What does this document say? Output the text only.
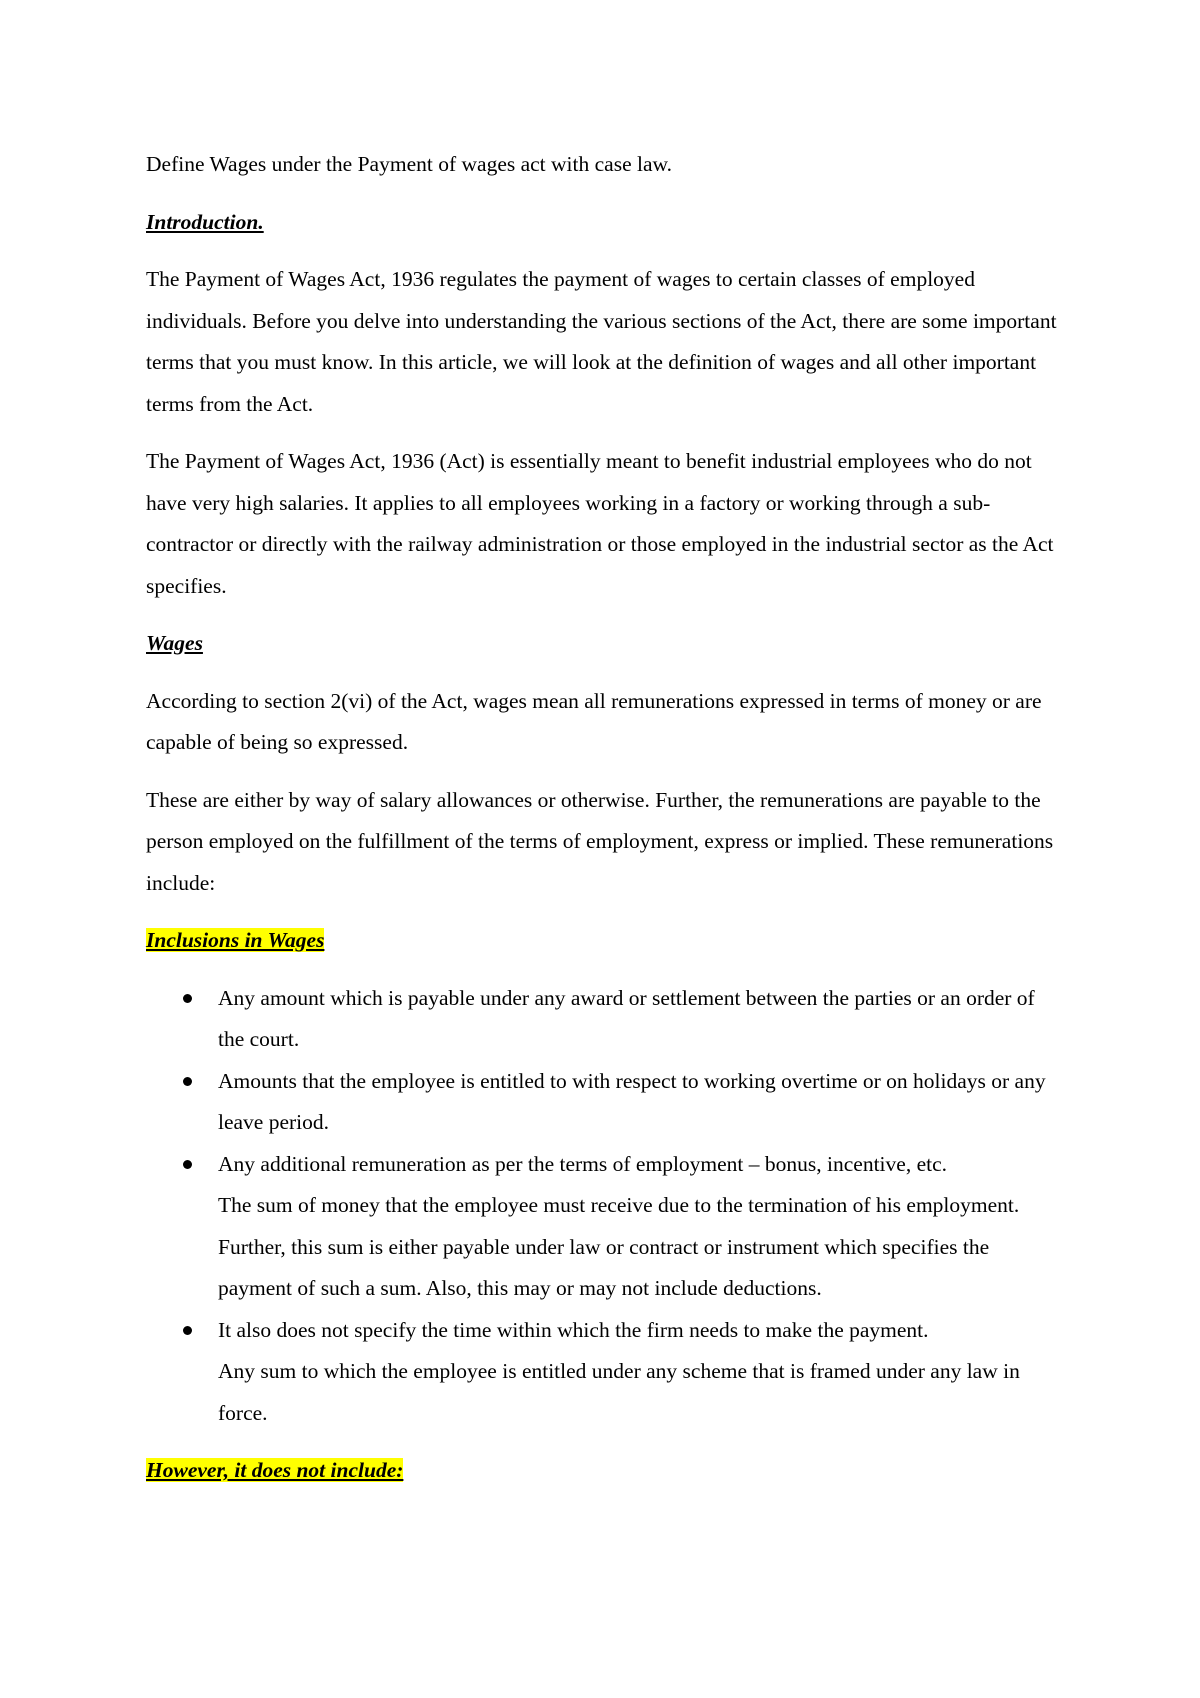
Define Wages under the Payment of wages act with case law.

Introduction.

The Payment of Wages Act, 1936 regulates the payment of wages to certain classes of employed individuals. Before you delve into understanding the various sections of the Act, there are some important terms that you must know. In this article, we will look at the definition of wages and all other important terms from the Act.

The Payment of Wages Act, 1936 (Act) is essentially meant to benefit industrial employees who do not have very high salaries. It applies to all employees working in a factory or working through a sub-contractor or directly with the railway administration or those employed in the industrial sector as the Act specifies.

Wages

According to section 2(vi) of the Act, wages mean all remunerations expressed in terms of money or are capable of being so expressed.

These are either by way of salary allowances or otherwise. Further, the remunerations are payable to the person employed on the fulfillment of the terms of employment, express or implied. These remunerations include:

Inclusions in Wages

Any amount which is payable under any award or settlement between the parties or an order of the court.
Amounts that the employee is entitled to with respect to working overtime or on holidays or any leave period.
Any additional remuneration as per the terms of employment – bonus, incentive, etc.
The sum of money that the employee must receive due to the termination of his employment. Further, this sum is either payable under law or contract or instrument which specifies the payment of such a sum. Also, this may or may not include deductions.
It also does not specify the time within which the firm needs to make the payment.
Any sum to which the employee is entitled under any scheme that is framed under any law in force.

However, it does not include:
